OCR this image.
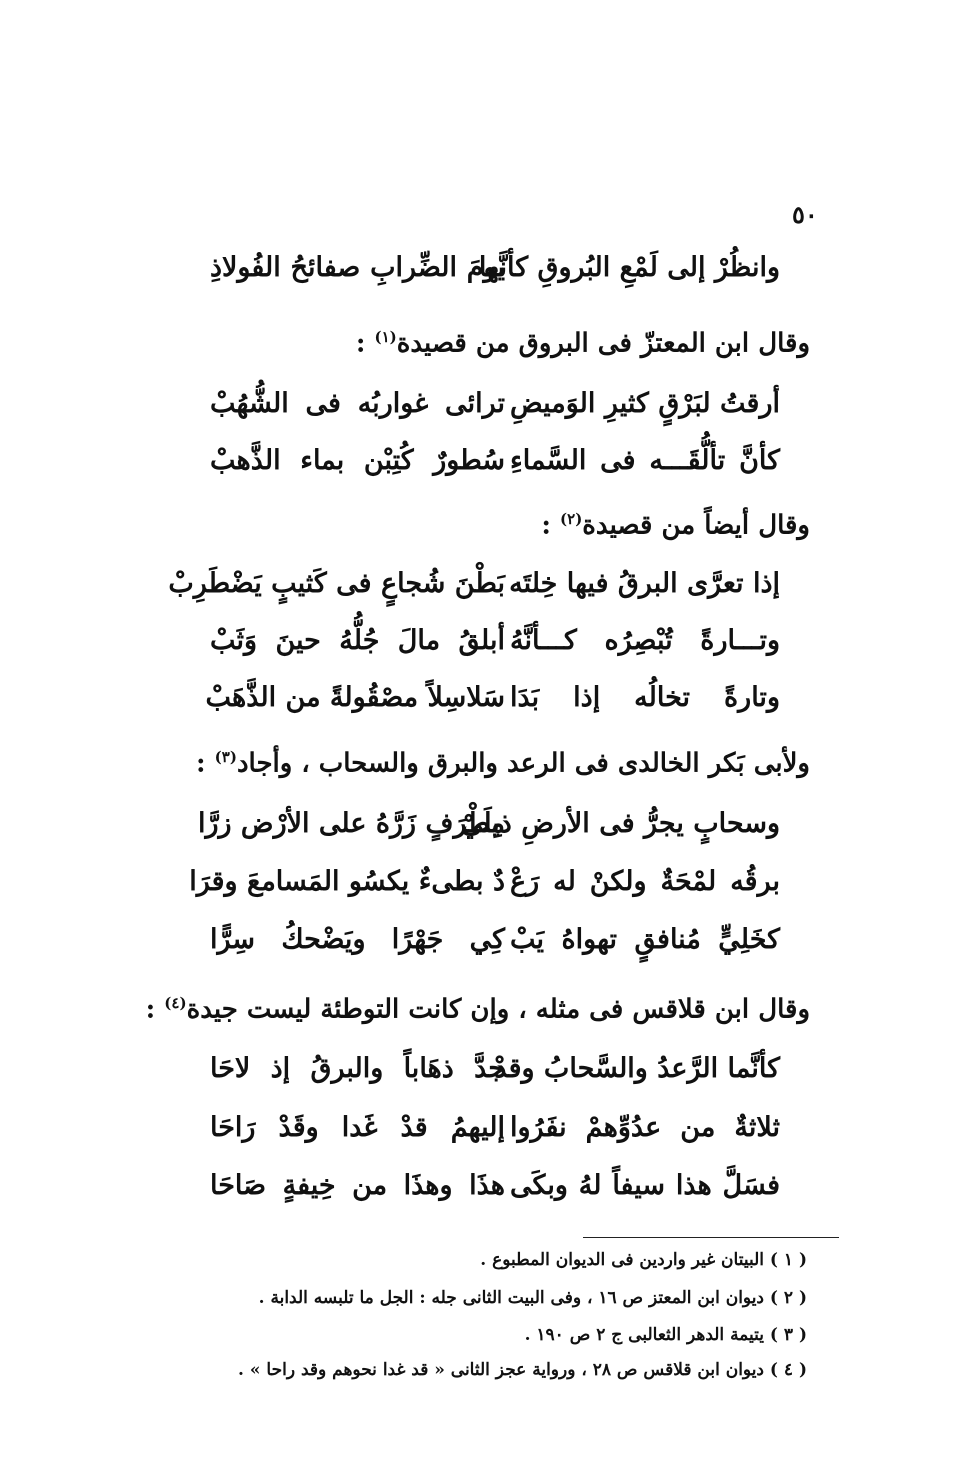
٥٠
وانظُرْ إلى لَمْعِ البُروقِ كأنَّها
يومَ الضِّرابِ صفائحُ الفُولاذِ
وقال ابن المعتزّ فى البروق من قصيدة$^{(١)}$ :
أرقتُ لبَرْقٍ كثيرِ الوَميضِ
ترائى غواربُه فى الشُّهُبْ
كأنَّ تألُّقَـــه فى السَّماءِ
سُطورٌ كُتِبْن بماء الذَّهبْ
وقال أيضاً من قصيدة$^{(٢)}$ :
إذا تعرَّى البرقُ فيها خِلتَه
بَطْنَ شُجاعٍ فى كَثيبٍ يَضْطَرِبْ
وتـــارةً تُبْصِرُه كـــأنَّهُ
أبلقُ مالَ جُلُّهُ حينَ وَثَبْ
وتارةً تخالُه إذا بَدَا
سَلاسِلاً مصْقُولةً من الذَّهَبْ
ولأبى بَكر الخالدى فى الرعد والبرق والسحاب ، وأجاد$^{(٣)}$ :
وسحابٍ يجرُّ فى الأرضِ ذيلَيْ
مِطْرَفٍ زَرَّهُ على الأرْض زرَّا
برقُه لمْحَةٌ ولكنْ له رَعْ
دٌ بطىءٌ يكسُو المَسامعَ وقرَا
كخَلِيٍّ مُنافقٍ تهواهُ يَبْ
كِي جَهْرًا ويَضْحكُ سِرًّا
وقال ابن قلاقس فى مثله ، وإن كانت التوطئة ليست جيدة$^{(٤)}$ :
كأنَّما الرَّعدُ والسَّحابُ وقدْ
جدَّ ذهَاباً والبرقُ إذ لاحَا
ثلاثةٌ من عدُوِّهمْ نفَرُوا
إليهمُ قدْ غَدا وقَدْ رَاحَا
فسَلَّ هذا سيفاً لهُ وبكَى
هذَا وهذَا من خِيفةٍ صَاحَا
( ١ ) البيتان غير واردين فى الديوان المطبوع .
( ٢ ) ديوان ابن المعتز ص ١٦ ، وفى البيت الثانى جله : الجل ما تلبسه الدابة .
( ٣ ) يتيمة الدهر الثعالبى ج ٢ ص ١٩٠ .
( ٤ ) ديوان ابن قلاقس ص ٢٨ ، ورواية عجز الثانى « قد غدا نحوهم وقد راحا » .
